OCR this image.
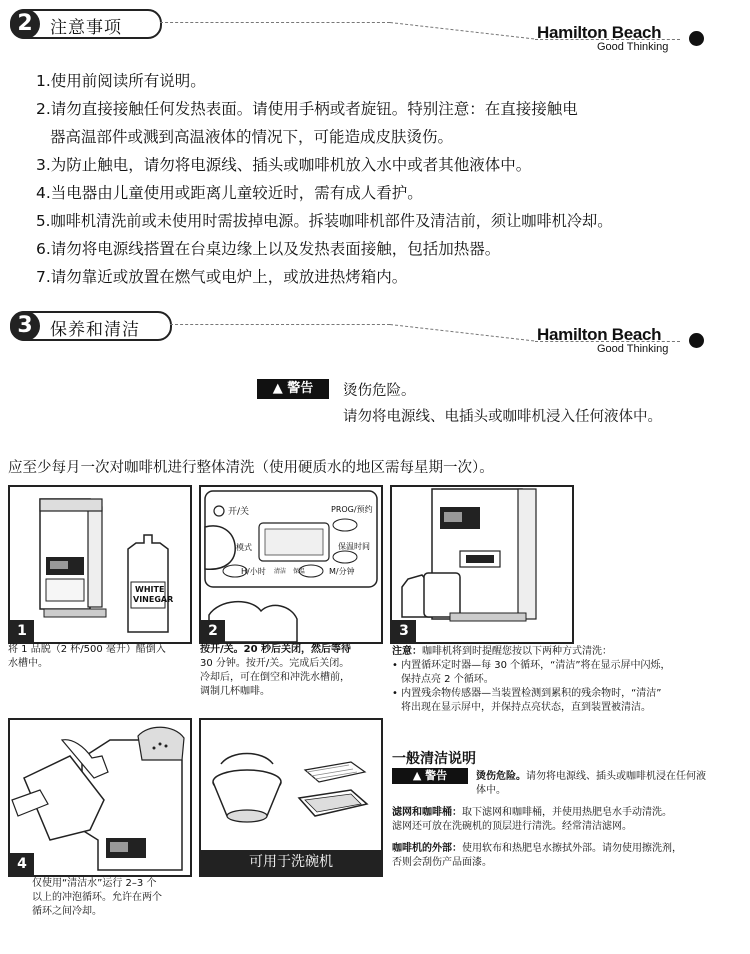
2	注意事项	Hamilton Beach
Good Thinking
1.使用前阅读所有说明。
2.请勿直接接触任何发热表面。请使用手柄或者旋钮。特别注意：在直接接触电
器高温部件或溅到高温液体的情况下，可能造成皮肤烫伤。
3.为防止触电，请勿将电源线、插头或咖啡机放入水中或者其他液体中。
4.当电器由儿童使用或距离儿童较近时，需有成人看护。
5.咖啡机清洗前或未使用时需拔掉电源。拆装咖啡机部件及清洁前，须让咖啡机冷却。
6.请勿将电源线搭置在台桌边缘上以及发热表面接触，包括加热器。
7.请勿靠近或放置在燃气或电炉上，或放进热烤箱内。
3	保养和清洁	Hamilton Beach
Good Thinking
▲ 警告	烫伤危险。
请勿将电源线、电插头或咖啡机浸入任何液体中。
应至少每月一次对咖啡机进行整体清洗（使用硬质水的地区需每星期一次）。
WHITE
VINEGAR
1
将 1 品脱（2 杯/500 毫升）醋倒入
水槽中。
开/关	PROG/预约
模式	保温时间
H/小时 清洁 保温	M/分钟
2
按开/关。20 秒后关闭，然后等待
30 分钟。按开/关。完成后关闭。
冷却后，可在倒空和冲洗水槽前，
调制几杯咖啡。
3
注意：咖啡机将到时提醒您按以下两种方式清洗：
• 内置循环定时器—每 30 个循环，“清洁”将在显示屏中闪烁，
保持点亮 2 个循环。
• 内置残余物传感器—当装置检测到累积的残余物时，“清洁”
将出现在显示屏中，并保持点亮状态，直到装置被清洁。
4
仅使用“清洁水”运行 2–3 个
以上的冲泡循环。允许在两个
循环之间冷却。
可用于洗碗机
一般清洁说明
▲ 警告	烫伤危险。请勿将电源线、插头或咖啡机浸在任何液
体中。
滤网和咖啡桶：取下滤网和咖啡桶，并使用热肥皂水手动清洗。
滤网还可放在洗碗机的顶层进行清洗。经常清洁滤网。
咖啡机的外部：使用软布和热肥皂水擦拭外部。请勿使用擦洗剂，
否则会刮伤产品面漆。
